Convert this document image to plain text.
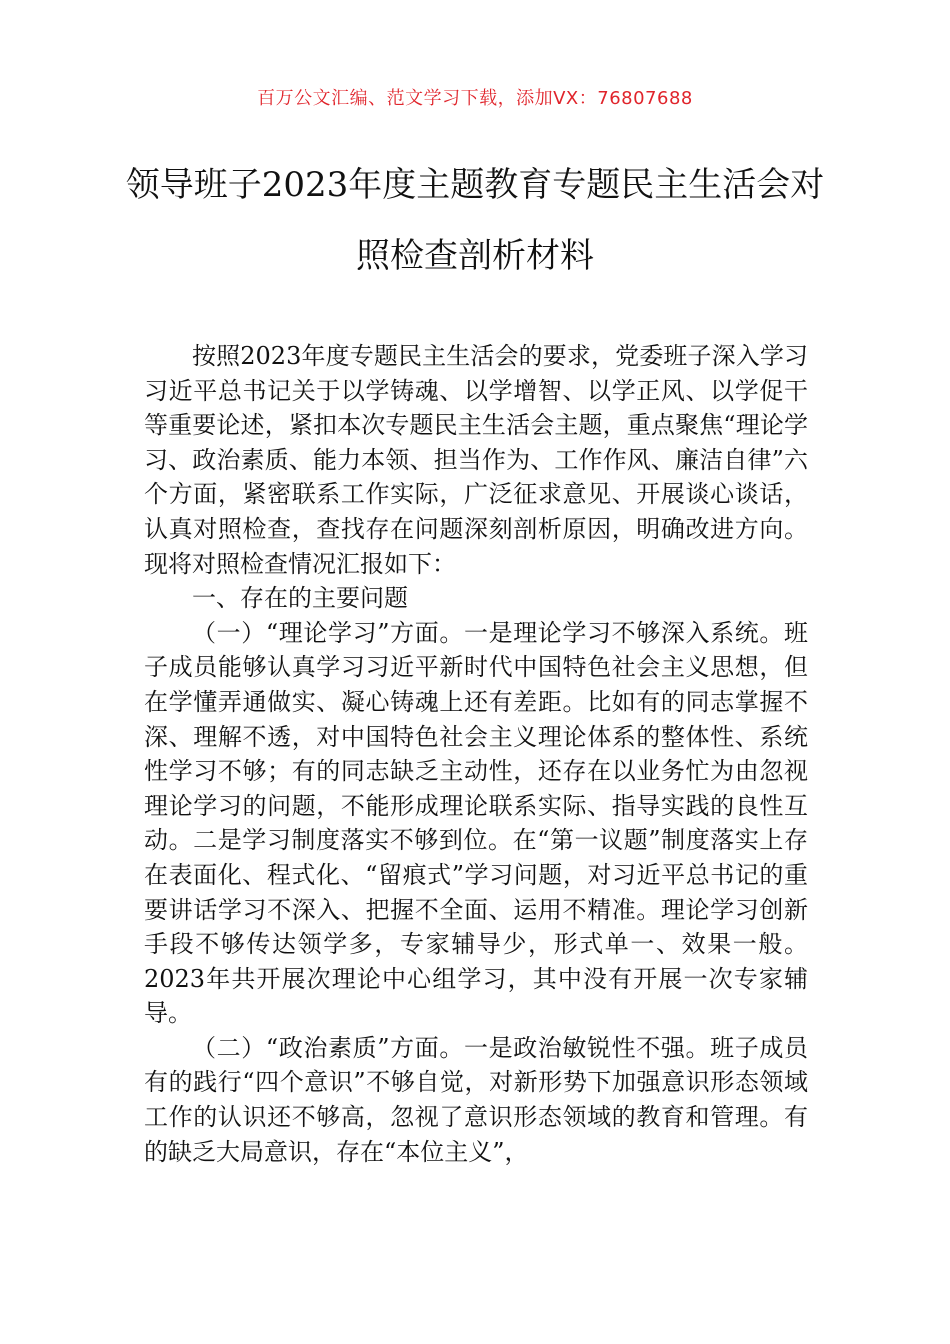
百万公文汇编、范文学习下载，添加VX：76807688
领导班子2023年度主题教育专题民主生活会对照检查剖析材料

按照2023年度专题民主生活会的要求，党委班子深入学习习近平总书记关于以学铸魂、以学增智、以学正风、以学促干等重要论述，紧扣本次专题民主生活会主题，重点聚焦“理论学习、政治素质、能力本领、担当作为、工作作风、廉洁自律”六个方面，紧密联系工作实际，广泛征求意见、开展谈心谈话，认真对照检查，查找存在问题深刻剖析原因，明确改进方向。现将对照检查情况汇报如下：

一、存在的主要问题

（一）“理论学习”方面。一是理论学习不够深入系统。班子成员能够认真学习习近平新时代中国特色社会主义思想，但在学懂弄通做实、凝心铸魂上还有差距。比如有的同志掌握不深、理解不透，对中国特色社会主义理论体系的整体性、系统性学习不够；有的同志缺乏主动性，还存在以业务忙为由忽视理论学习的问题，不能形成理论联系实际、指导实践的良性互动。二是学习制度落实不够到位。在“第一议题”制度落实上存在表面化、程式化、“留痕式”学习问题，对习近平总书记的重要讲话学习不深入、把握不全面、运用不精准。理论学习创新手段不够传达领学多，专家辅导少，形式单一、效果一般。2023年共开展次理论中心组学习，其中没有开展一次专家辅导。

（二）“政治素质”方面。一是政治敏锐性不强。班子成员有的践行“四个意识”不够自觉，对新形势下加强意识形态领域工作的认识还不够高，忽视了意识形态领域的教育和管理。有的缺乏大局意识，存在“本位主义”，
